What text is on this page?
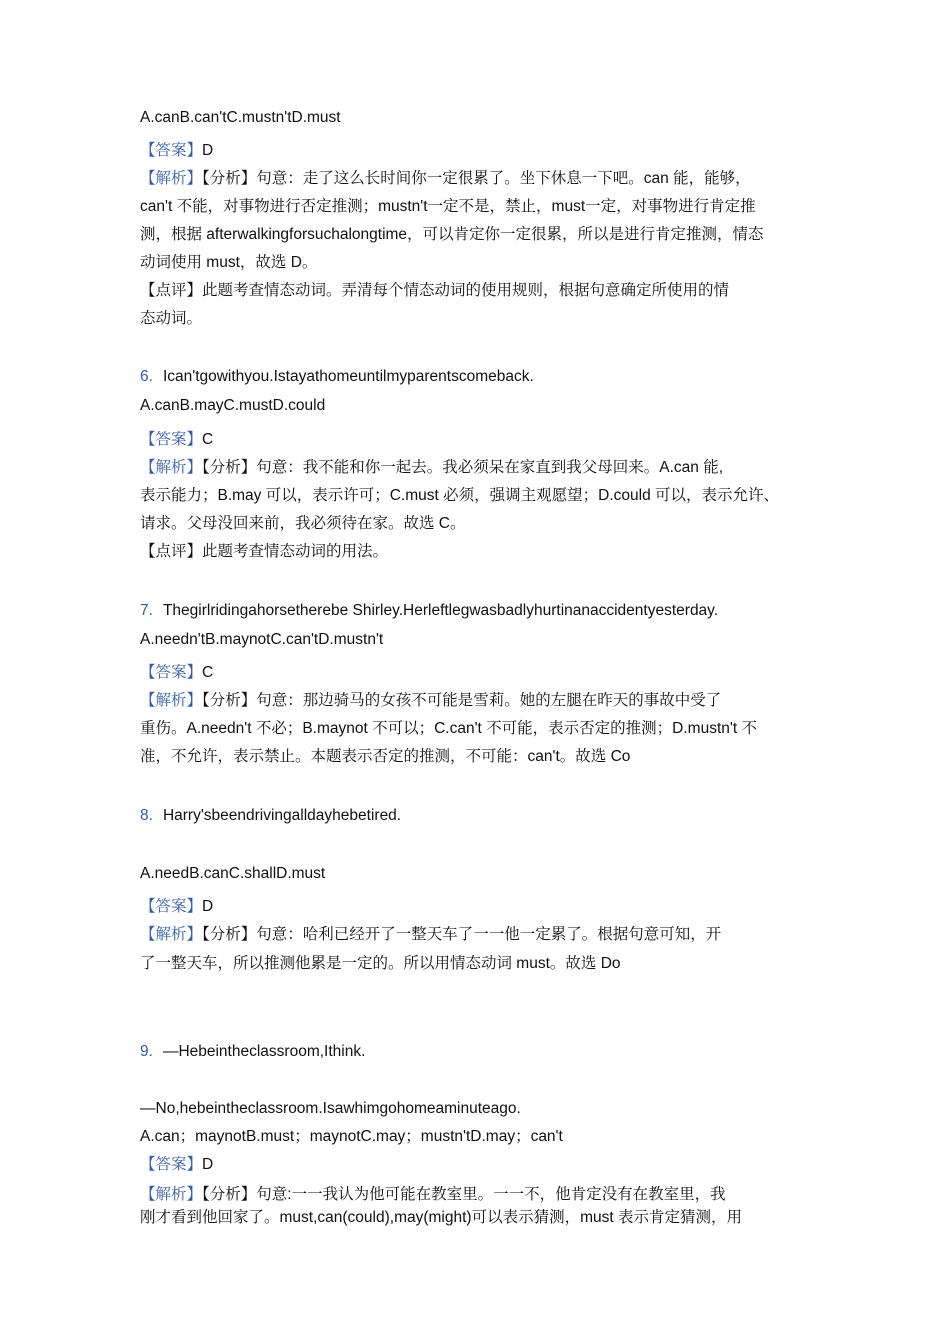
A.canB.can'tC.mustn'tD.must
【答案】D
【解析】【分析】句意：走了这么长时间你一定很累了。坐下休息一下吧。can 能，能够，
can't 不能，对事物进行否定推测；mustn't一定不是，禁止，must一定，对事物进行肯定推
测，根据 afterwalkingforsuchalongtime，可以肯定你一定很累，所以是进行肯定推测，情态
动词使用 must，故选 D。
【点评】此题考查情态动词。弄清每个情态动词的使用规则，根据句意确定所使用的情
态动词。
6. Ican'tgowithyou.Istayathomeuntilmyparentscomeback.
A.canB.mayC.mustD.could
【答案】C
【解析】【分析】句意：我不能和你一起去。我必须呆在家直到我父母回来。A.can 能,
表示能力；B.may 可以，表示许可；C.must 必须，强调主观愿望；D.could 可以，表示允许、
请求。父母没回来前，我必须待在家。故选 C。
【点评】此题考查情态动词的用法。
7. Thegirlridingahorsetherebe Shirley.Herleftlegwasbadlyhurtinanaccidentyesterday.
A.needn'tB.maynotC.can'tD.mustn't
【答案】C
【解析】【分析】句意：那边骑马的女孩不可能是雪莉。她的左腿在昨天的事故中受了
重伤。A.needn't 不必；B.maynot 不可以；C.can't 不可能，表示否定的推测；D.mustn't 不
准，不允许，表示禁止。本题表示否定的推测，不可能：can't。故选 Co
8. Harry'sbeendrivingalldayhebetired.
A.needB.canC.shallD.must
【答案】D
【解析】【分析】句意：哈利已经开了一整天车了一一他一定累了。根据句意可知，开
了一整天车，所以推测他累是一定的。所以用情态动词 must。故选 Do
9. —Hebeintheclassroom,Ithink.
—No,hebeintheclassroom.Isawhimgohomeaminuteago.
A.can；maynotB.must；maynotC.may；mustn'tD.may；can't
【答案】D
【解析】【分析】句意:一一我认为他可能在教室里。一一不，他肯定没有在教室里，我
刚才看到他回家了。must,can(could),may(might)可以表示猜测，must 表示肯定猜测，用
